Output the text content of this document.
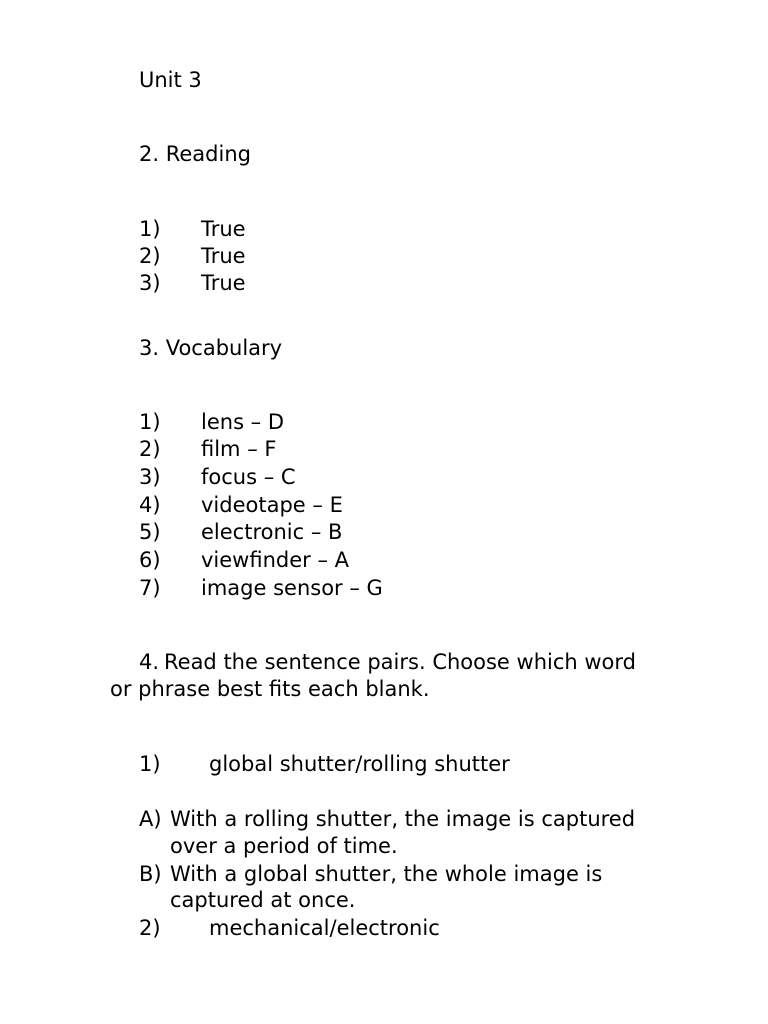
Unit 3
2. Reading
1) True
2) True
3) True
3. Vocabulary
1) lens – D
2) film – F
3) focus – C
4) videotape – E
5) electronic – B
6) viewfinder – A
7) image sensor – G
4. Read the sentence pairs. Choose which word
or phrase best fits each blank.
1) global shutter/rolling shutter
A) With a rolling shutter, the image is captured
over a period of time.
B) With a global shutter, the whole image is
captured at once.
2) mechanical/electronic
